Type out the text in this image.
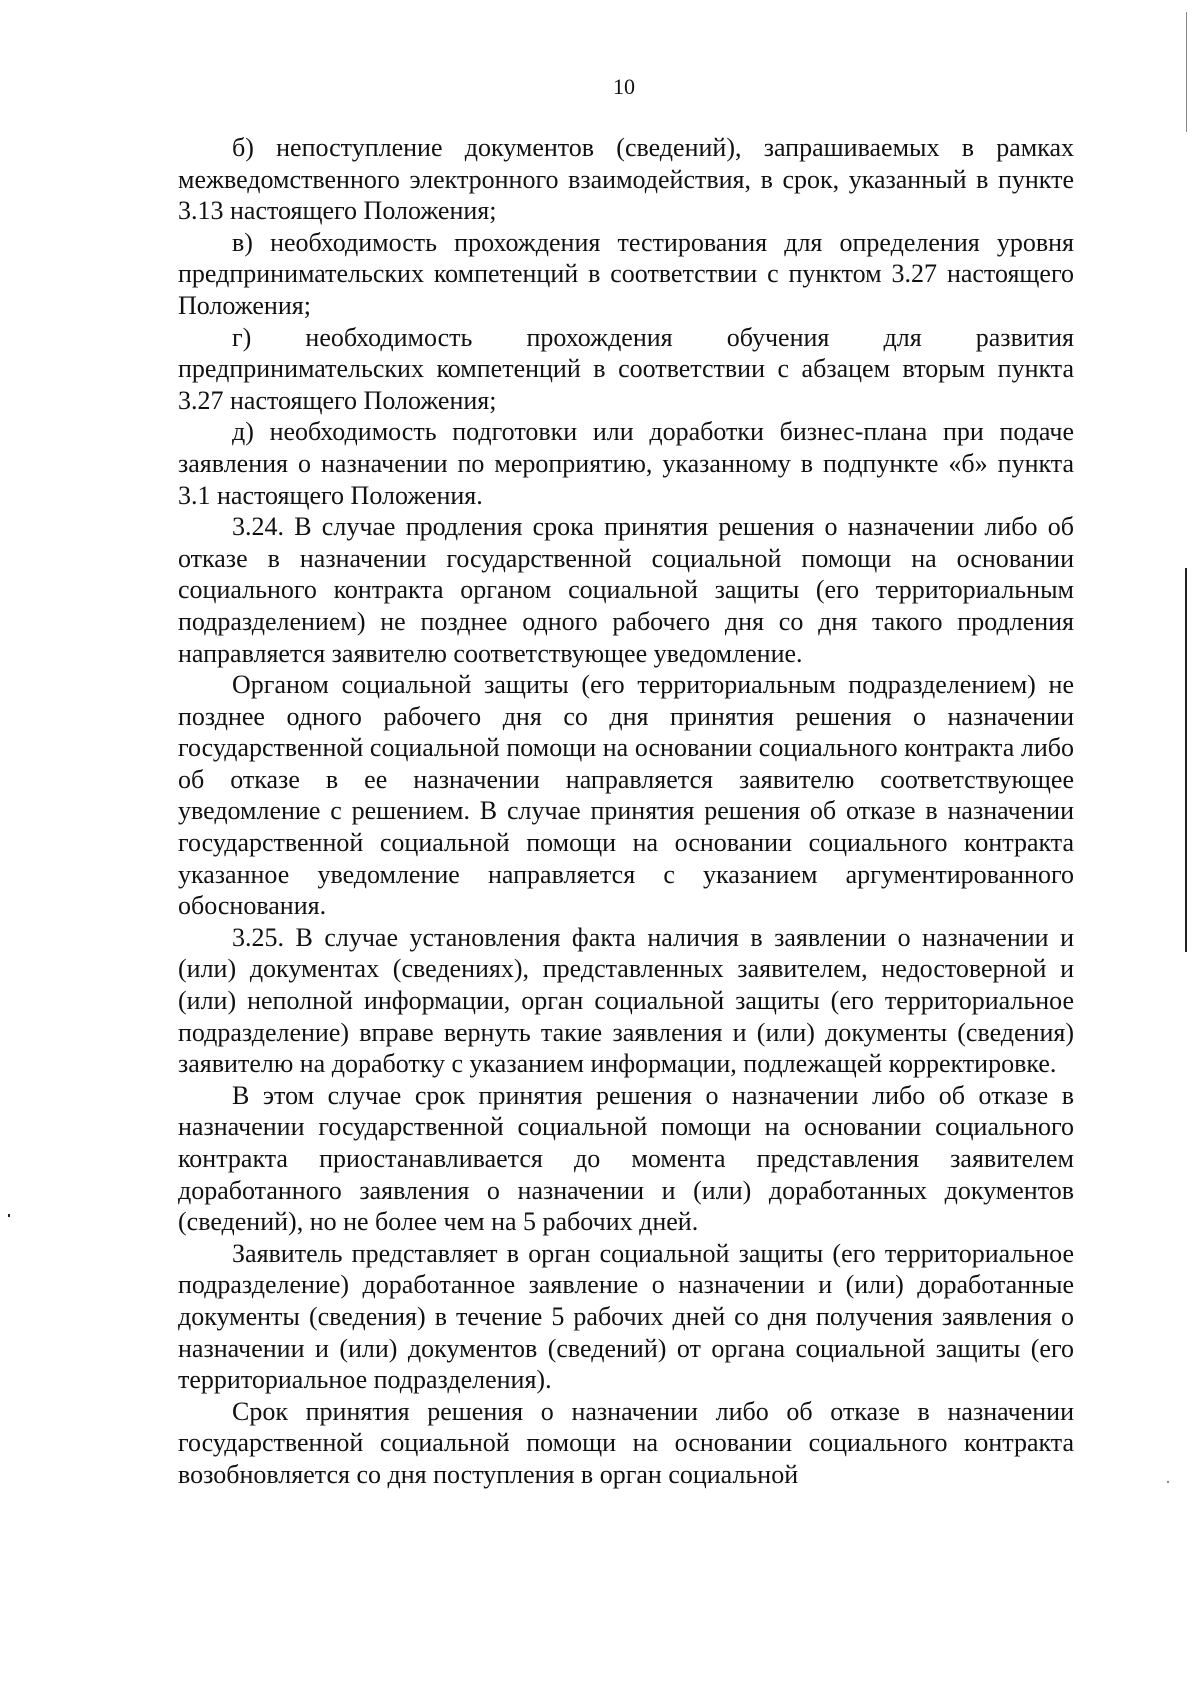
10

б) непоступление документов (сведений), запрашиваемых в рамках межведомственного электронного взаимодействия, в срок, указанный в пункте 3.13 настоящего Положения;

в) необходимость прохождения тестирования для определения уровня предпринимательских компетенций в соответствии с пунктом 3.27 настоящего Положения;

г) необходимость прохождения обучения для развития предпринимательских компетенций в соответствии с абзацем вторым пункта 3.27 настоящего Положения;

д) необходимость подготовки или доработки бизнес-плана при подаче заявления о назначении по мероприятию, указанному в подпункте «б» пункта 3.1 настоящего Положения.

3.24. В случае продления срока принятия решения о назначении либо об отказе в назначении государственной социальной помощи на основании социального контракта органом социальной защиты (его территориальным подразделением) не позднее одного рабочего дня со дня такого продления направляется заявителю соответствующее уведомление.

Органом социальной защиты (его территориальным подразделением) не позднее одного рабочего дня со дня принятия решения о назначении государственной социальной помощи на основании социального контракта либо об отказе в ее назначении направляется заявителю соответствующее уведомление с решением. В случае принятия решения об отказе в назначении государственной социальной помощи на основании социального контракта указанное уведомление направляется с указанием аргументированного обоснования.

3.25. В случае установления факта наличия в заявлении о назначении и (или) документах (сведениях), представленных заявителем, недостоверной и (или) неполной информации, орган социальной защиты (его территориальное подразделение) вправе вернуть такие заявления и (или) документы (сведения) заявителю на доработку с указанием информации, подлежащей корректировке.

В этом случае срок принятия решения о назначении либо об отказе в назначении государственной социальной помощи на основании социального контракта приостанавливается до момента представления заявителем доработанного заявления о назначении и (или) доработанных документов (сведений), но не более чем на 5 рабочих дней.

Заявитель представляет в орган социальной защиты (его территориальное подразделение) доработанное заявление о назначении и (или) доработанные документы (сведения) в течение 5 рабочих дней со дня получения заявления о назначении и (или) документов (сведений) от органа социальной защиты (его территориальное подразделения).

Срок принятия решения о назначении либо об отказе в назначении государственной социальной помощи на основании социального контракта возобновляется со дня поступления в орган социальной
